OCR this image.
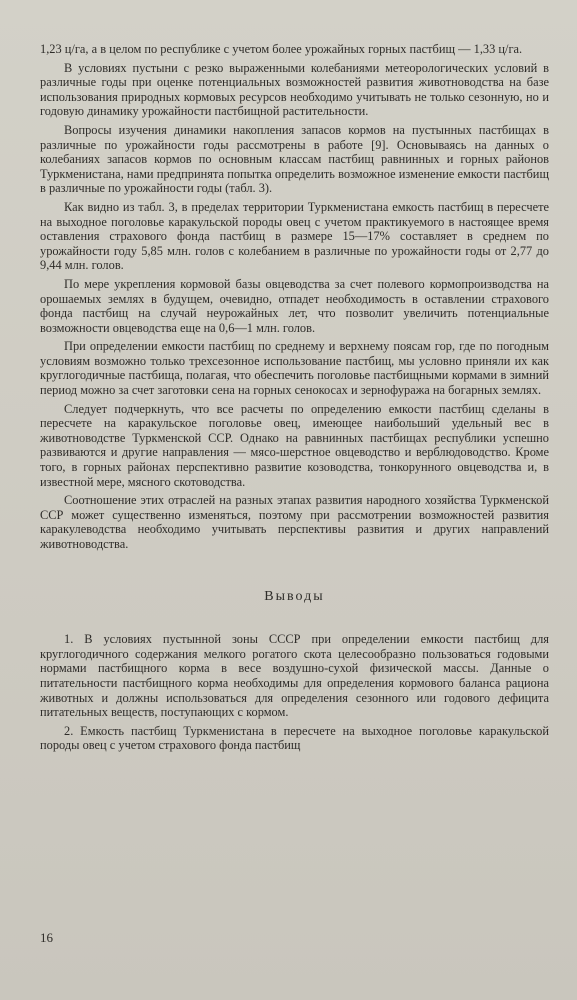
1,23 ц/га, а в целом по республике с учетом более урожайных горных пастбищ — 1,33 ц/га.

В условиях пустыни с резко выраженными колебаниями метеорологических условий в различные годы при оценке потенциальных возможностей развития животноводства на базе использования природных кормовых ресурсов необходимо учитывать не только сезонную, но и годовую динамику урожайности пастбищной растительности.

Вопросы изучения динамики накопления запасов кормов на пустынных пастбищах в различные по урожайности годы рассмотрены в работе [9]. Основываясь на данных о колебаниях запасов кормов по основным классам пастбищ равнинных и горных районов Туркменистана, нами предпринята попытка определить возможное изменение емкости пастбищ в различные по урожайности годы (табл. 3).

Как видно из табл. 3, в пределах территории Туркменистана емкость пастбищ в пересчете на выходное поголовье каракульской породы овец с учетом практикуемого в настоящее время оставления страхового фонда пастбищ в размере 15—17% составляет в среднем по урожайности году 5,85 млн. голов с колебанием в различные по урожайности годы от 2,77 до 9,44 млн. голов.

По мере укрепления кормовой базы овцеводства за счет полевого кормопроизводства на орошаемых землях в будущем, очевидно, отпадет необходимость в оставлении страхового фонда пастбищ на случай неурожайных лет, что позволит увеличить потенциальные возможности овцеводства еще на 0,6—1 млн. голов.

При определении емкости пастбищ по среднему и верхнему поясам гор, где по погодным условиям возможно только трехсезонное использование пастбищ, мы условно приняли их как круглогодичные пастбища, полагая, что обеспечить поголовье пастбищными кормами в зимний период можно за счет заготовки сена на горных сенокосах и зернофуража на богарных землях.

Следует подчеркнуть, что все расчеты по определению емкости пастбищ сделаны в пересчете на каракульское поголовье овец, имеющее наибольший удельный вес в животноводстве Туркменской ССР. Однако на равнинных пастбищах республики успешно развиваются и другие направления — мясо-шерстное овцеводство и верблюдоводство. Кроме того, в горных районах перспективно развитие козоводства, тонкорунного овцеводства и, в известной мере, мясного скотоводства.

Соотношение этих отраслей на разных этапах развития народного хозяйства Туркменской ССР может существенно изменяться, поэтому при рассмотрении возможностей развития каракулеводства необходимо учитывать перспективы развития и других направлений животноводства.

Выводы

1. В условиях пустынной зоны СССР при определении емкости пастбищ для круглогодичного содержания мелкого рогатого скота целесообразно пользоваться годовыми нормами пастбищного корма в весе воздушно-сухой физической массы. Данные о питательности пастбищного корма необходимы для определения кормового баланса рациона животных и должны использоваться для определения сезонного или годового дефицита питательных веществ, поступающих с кормом.

2. Емкость пастбищ Туркменистана в пересчете на выходное поголовье каракульской породы овец с учетом страхового фонда пастбищ

16
